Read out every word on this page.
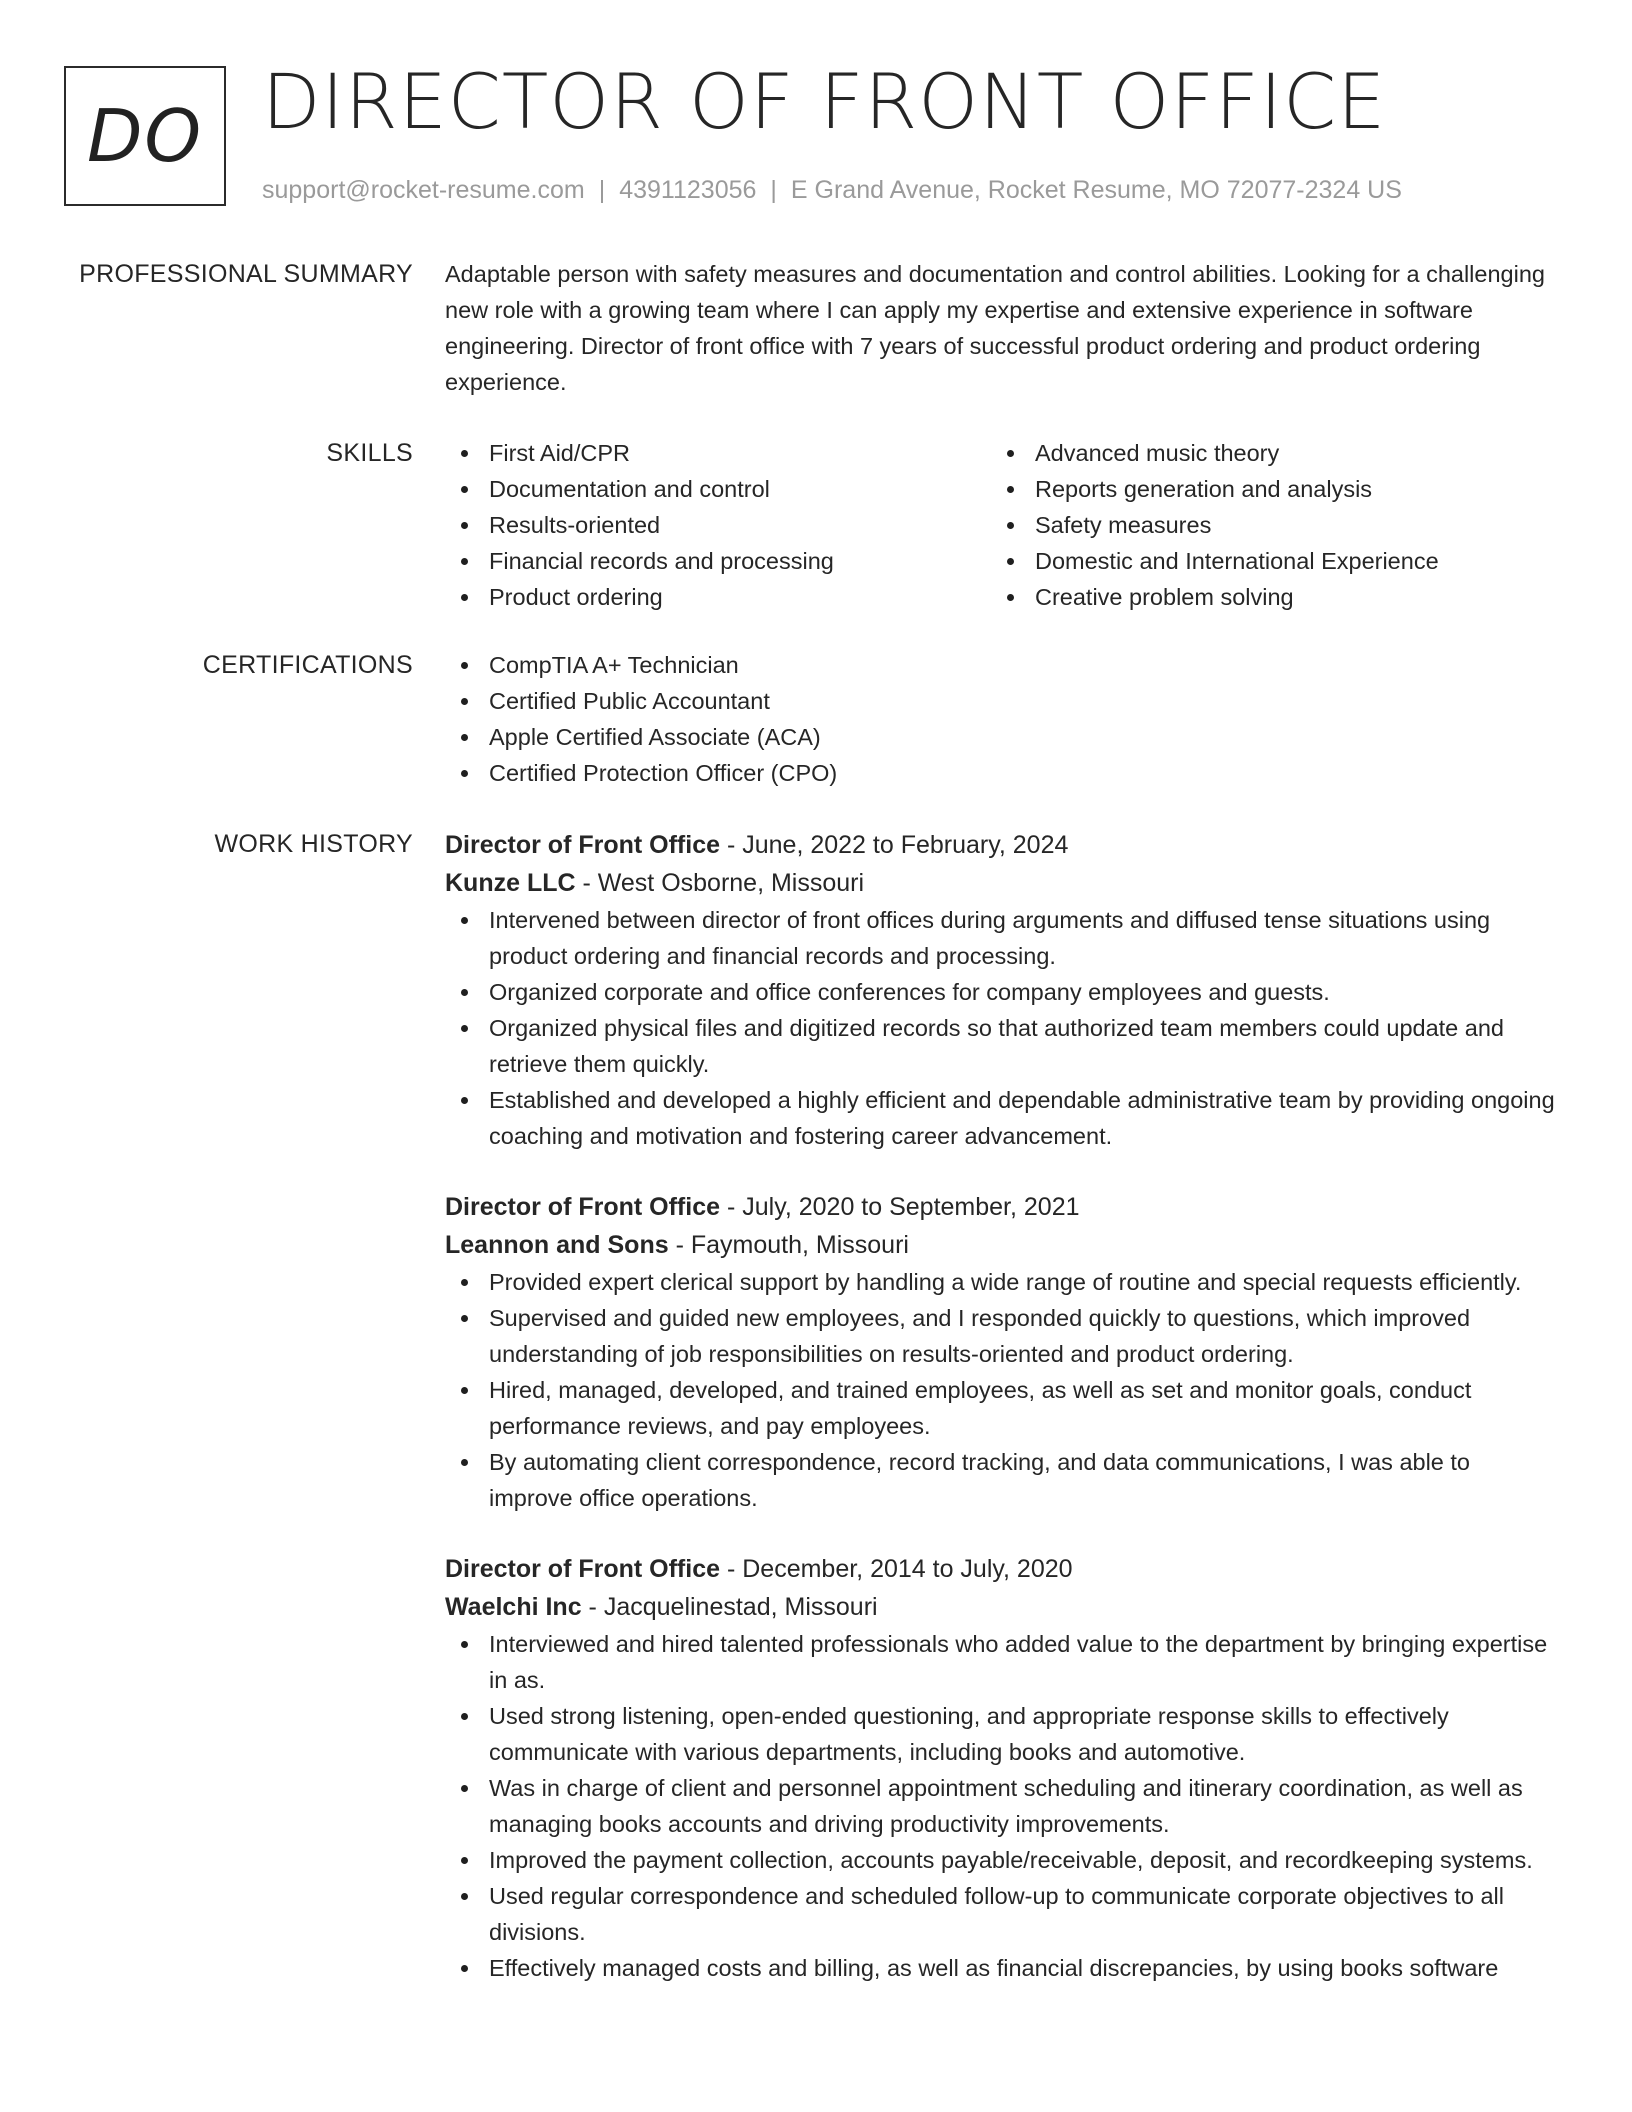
DO DIRECTOR OF FRONT OFFICE
support@rocket-resume.com | 4391123056 | E Grand Avenue, Rocket Resume, MO 72077-2324 US
PROFESSIONAL SUMMARY Adaptable person with safety measures and documentation and control abilities. Looking for a challenging new role with a growing team where I can apply my expertise and extensive experience in software engineering. Director of front office with 7 years of successful product ordering and product ordering experience.

SKILLS	First Aid/CPR
Documentation and control
Results-oriented
Financial records and processing
Product ordering
Advanced music theory
Reports generation and analysis
Safety measures
Domestic and International Experience
Creative problem solving
CERTIFICATIONS	CompTIA A+ Technician
Certified Public Accountant
Apple Certified Associate (ACA)
Certified Protection Officer (CPO)
WORK HISTORY Director of Front Office - June, 2022 to February, 2024
Kunze LLC - West Osborne, Missouri
Intervened between director of front offices during arguments and diffused tense situations using product ordering and financial records and processing.
Organized corporate and office conferences for company employees and guests.
Organized physical files and digitized records so that authorized team members could update and retrieve them quickly.
Established and developed a highly efficient and dependable administrative team by providing ongoing coaching and motivation and fostering career advancement.
Director of Front Office - July, 2020 to September, 2021
Leannon and Sons - Faymouth, Missouri
Provided expert clerical support by handling a wide range of routine and special requests efficiently.
Supervised and guided new employees, and I responded quickly to questions, which improved understanding of job responsibilities on results-oriented and product ordering.
Hired, managed, developed, and trained employees, as well as set and monitor goals, conduct performance reviews, and pay employees.
By automating client correspondence, record tracking, and data communications, I was able to improve office operations.
Director of Front Office - December, 2014 to July, 2020
Waelchi Inc - Jacquelinestad, Missouri
Interviewed and hired talented professionals who added value to the department by bringing expertise in as.
Used strong listening, open-ended questioning, and appropriate response skills to effectively communicate with various departments, including books and automotive.
Was in charge of client and personnel appointment scheduling and itinerary coordination, as well as managing books accounts and driving productivity improvements.
Improved the payment collection, accounts payable/receivable, deposit, and recordkeeping systems.
Used regular correspondence and scheduled follow-up to communicate corporate objectives to all divisions.
Effectively managed costs and billing, as well as financial discrepancies, by using books software
